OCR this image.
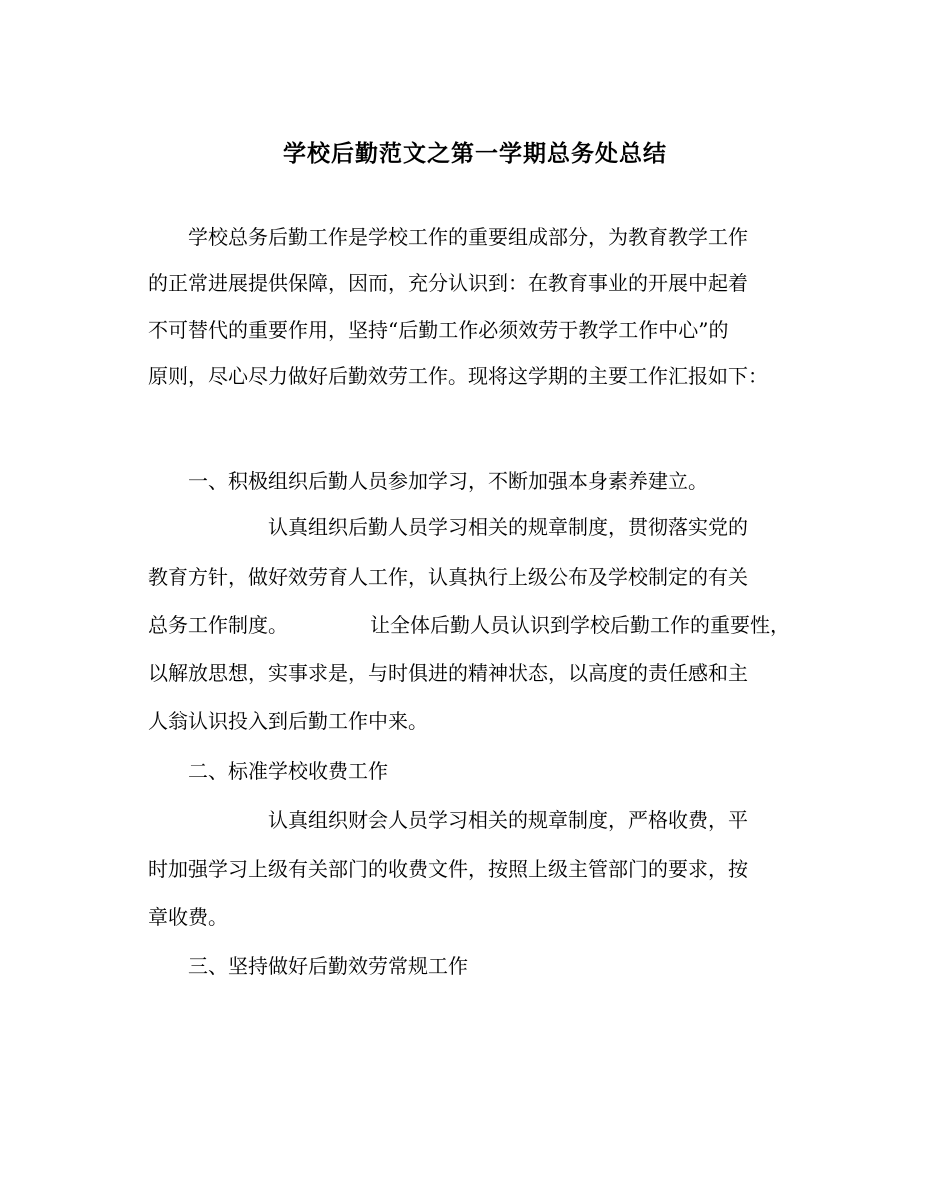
学校后勤范文之第一学期总务处总结
学校总务后勤工作是学校工作的重要组成部分，为教育教学工作
的正常进展提供保障，因而，充分认识到：在教育事业的开展中起着
不可替代的重要作用，坚持“后勤工作必须效劳于教学工作中心”的
原则，尽心尽力做好后勤效劳工作。现将这学期的主要工作汇报如下：
一、积极组织后勤人员参加学习，不断加强本身素养建立。
认真组织后勤人员学习相关的规章制度，贯彻落实党的
教育方针，做好效劳育人工作，认真执行上级公布及学校制定的有关
总务工作制度。	让全体后勤人员认识到学校后勤工作的重要性，
以解放思想，实事求是，与时俱进的精神状态，以高度的责任感和主
人翁认识投入到后勤工作中来。
二、标准学校收费工作
认真组织财会人员学习相关的规章制度，严格收费，平
时加强学习上级有关部门的收费文件，按照上级主管部门的要求，按
章收费。
三、坚持做好后勤效劳常规工作
